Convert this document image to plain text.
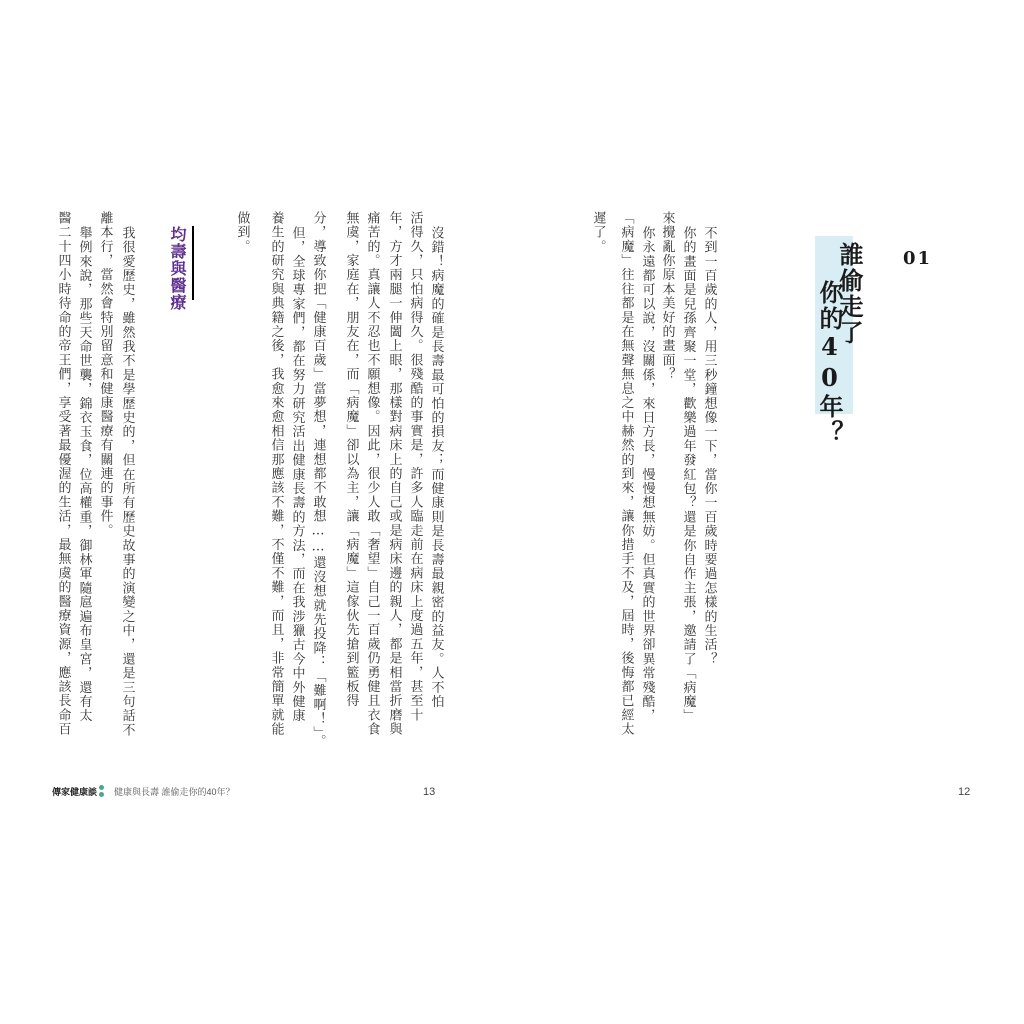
01
誰偷走了
你的40年？
不到一百歲的人，用三秒鐘想像一下，當你一百歲時要過怎樣的生活？
你的畫面是兒孫齊聚一堂，歡樂過年發紅包？還是你自作主張，邀請了「病魔」
來攪亂你原本美好的畫面？
你永遠都可以說，沒關係，來日方長，慢慢想無妨。但真實的世界卻異常殘酷，
「病魔」往往都是在無聲無息之中赫然的到來，讓你措手不及，屆時，後悔都已經太
遲了。
12
沒錯！病魔的確是長壽最可怕的損友；而健康則是長壽最親密的益友。人不怕
活得久，只怕病得久。很殘酷的事實是，許多人臨走前在病床上度過五年，甚至十
年，方才兩腿一伸闔上眼，那樣對病床上的自己或是病床邊的親人，都是相當折磨與
痛苦的。真讓人不忍也不願想像。因此，很少人敢「奢望」自己一百歲仍勇健且衣食
無虞，家庭在，朋友在，而「病魔」卻以為主，讓「病魔」這傢伙先搶到籃板得
分，導致你把「健康百歲」當夢想，連想都不敢想……還沒想就先投降：「難啊！」。
但，全球專家們，都在努力研究活出健康長壽的方法，而在我涉獵古今中外健康
養生的研究與典籍之後，我愈來愈相信那應該不難，不僅不難，而且，非常簡單就能
做到。
均壽與醫療
我很愛歷史，雖然我不是學歷史的，但在所有歷史故事的演變之中，還是三句話不
離本行，當然會特別留意和健康醫療有關連的事件。
舉例來說，那些天命世襲，錦衣玉食，位高權重，御林軍隨扈遍布皇宮，還有太
醫二十四小時待命的帝王們，享受著最優渥的生活，最無虞的醫療資源，應該長命百
傳家健康談 健康與長壽 誰偷走你的40年？	13
